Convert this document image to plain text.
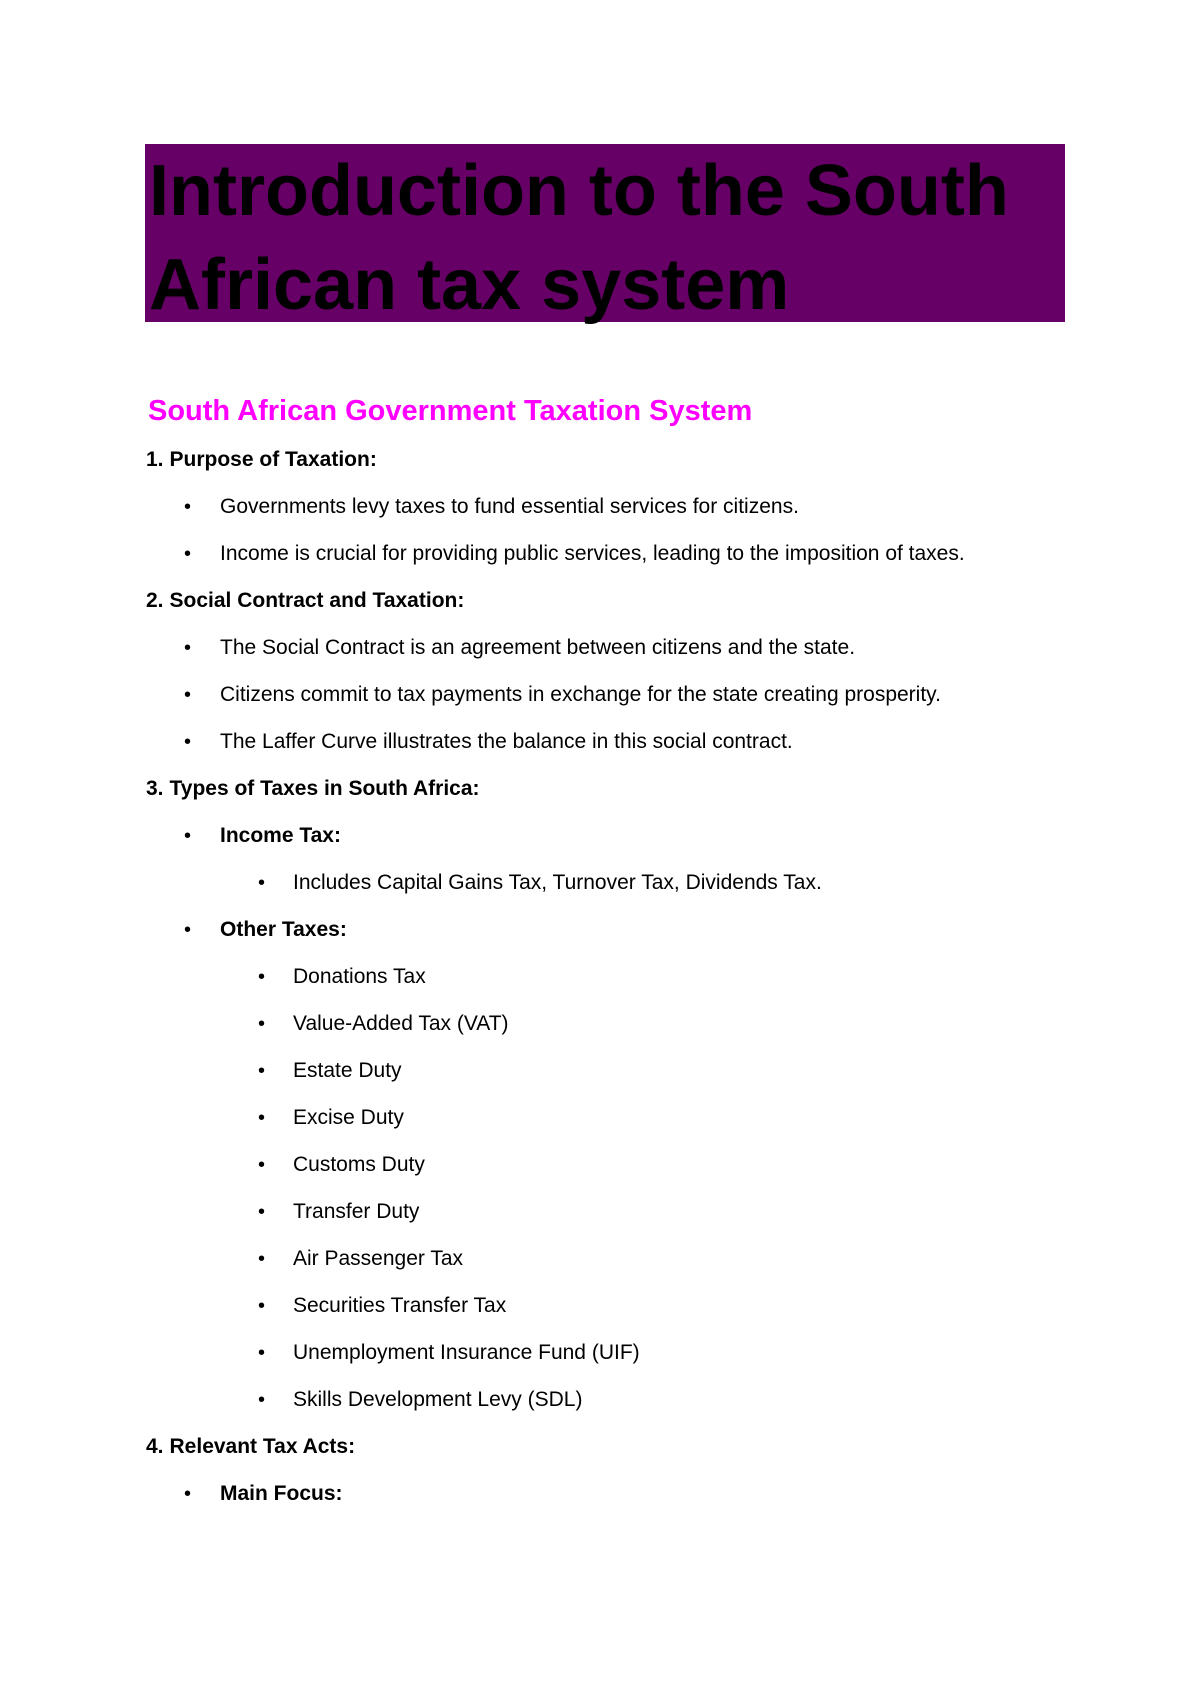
Introduction to the South
African tax system
South African Government Taxation System
1. Purpose of Taxation:
• Governments levy taxes to fund essential services for citizens.
• Income is crucial for providing public services, leading to the imposition of taxes.
2. Social Contract and Taxation:
• The Social Contract is an agreement between citizens and the state.
• Citizens commit to tax payments in exchange for the state creating prosperity.
• The Laffer Curve illustrates the balance in this social contract.
3. Types of Taxes in South Africa:
• Income Tax:
• Includes Capital Gains Tax, Turnover Tax, Dividends Tax.
• Other Taxes:
• Donations Tax
• Value-Added Tax (VAT)
• Estate Duty
• Excise Duty
• Customs Duty
• Transfer Duty
• Air Passenger Tax
• Securities Transfer Tax
• Unemployment Insurance Fund (UIF)
• Skills Development Levy (SDL)
4. Relevant Tax Acts:
• Main Focus:
